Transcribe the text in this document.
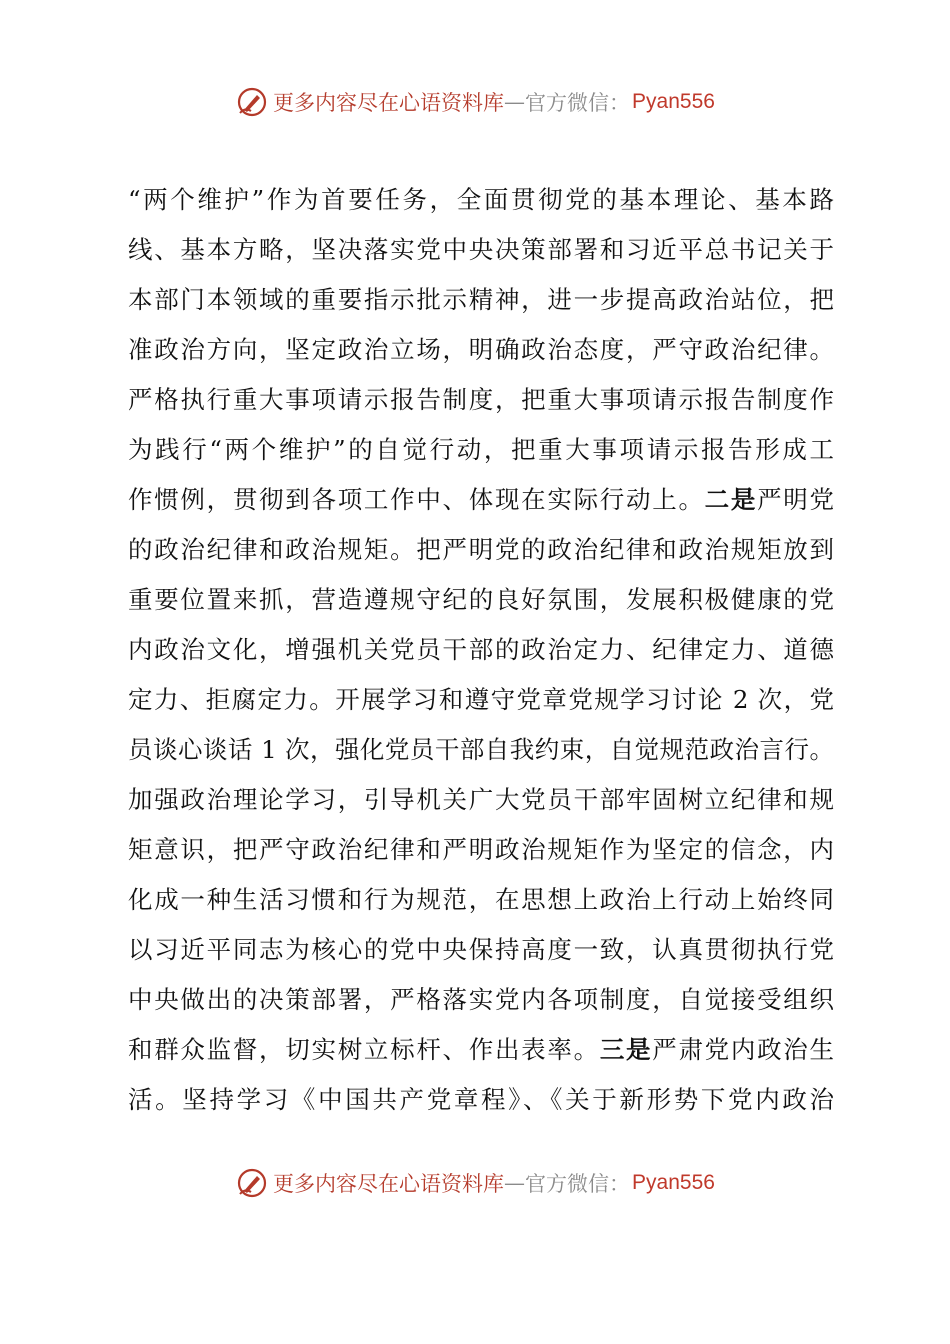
更多内容尽在心语资料库 — 官方微信： Pyan556
“两个维护”作为首要任务，全面贯彻党的基本理论、基本路
线、基本方略，坚决落实党中央决策部署和习近平总书记关于
本部门本领域的重要指示批示精神，进一步提高政治站位，把
准政治方向，坚定政治立场，明确政治态度，严守政治纪律。
严格执行重大事项请示报告制度，把重大事项请示报告制度作
为践行“两个维护”的自觉行动，把重大事项请示报告形成工
作惯例，贯彻到各项工作中、体现在实际行动上。二是严明党
的政治纪律和政治规矩。把严明党的政治纪律和政治规矩放到
重要位置来抓，营造遵规守纪的良好氛围，发展积极健康的党
内政治文化，增强机关党员干部的政治定力、纪律定力、道德
定力、拒腐定力。开展学习和遵守党章党规学习讨论 2 次，党
员谈心谈话 1 次，强化党员干部自我约束，自觉规范政治言行。
加强政治理论学习，引导机关广大党员干部牢固树立纪律和规
矩意识，把严守政治纪律和严明政治规矩作为坚定的信念，内
化成一种生活习惯和行为规范，在思想上政治上行动上始终同
以习近平同志为核心的党中央保持高度一致，认真贯彻执行党
中央做出的决策部署，严格落实党内各项制度，自觉接受组织
和群众监督，切实树立标杆、作出表率。三是严肃党内政治生
活。坚持学习《中国共产党章程》、《关于新形势下党内政治
更多内容尽在心语资料库 — 官方微信： Pyan556
